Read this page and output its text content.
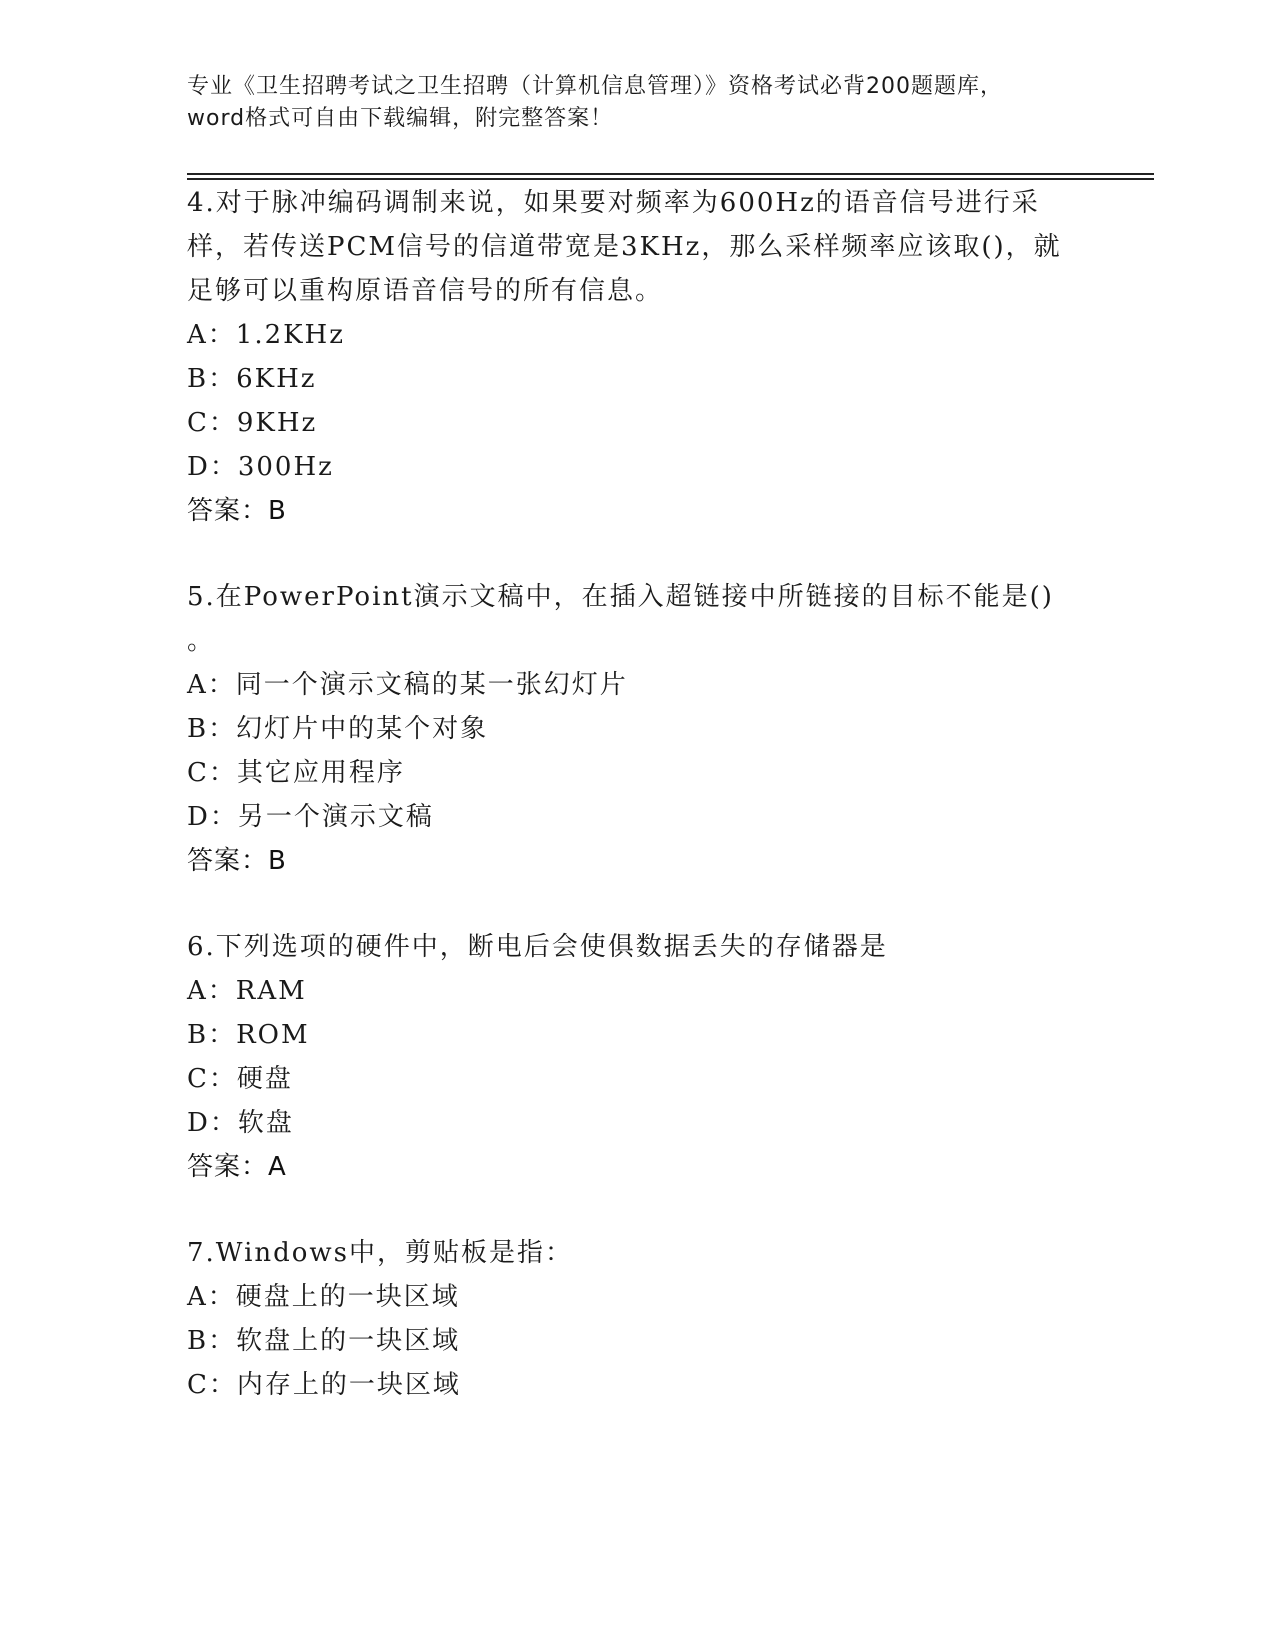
专业《卫生招聘考试之卫生招聘（计算机信息管理）》资格考试必背200题题库，
word格式可自由下载编辑，附完整答案！
4.对于脉冲编码调制来说，如果要对频率为600Hz的语音信号进行采
样，若传送PCM信号的信道带宽是3KHz，那么采样频率应该取()，就
足够可以重构原语音信号的所有信息。
A：1.2KHz
B：6KHz
C：9KHz
D：300Hz
答案：B
5.在PowerPoint演示文稿中，在插入超链接中所链接的目标不能是()
。
A：同一个演示文稿的某一张幻灯片
B：幻灯片中的某个对象
C：其它应用程序
D：另一个演示文稿
答案：B
6.下列选项的硬件中，断电后会使俱数据丢失的存储器是
A：RAM
B：ROM
C：硬盘
D：软盘
答案：A
7.Windows中，剪贴板是指：
A：硬盘上的一块区域
B：软盘上的一块区域
C：内存上的一块区域
